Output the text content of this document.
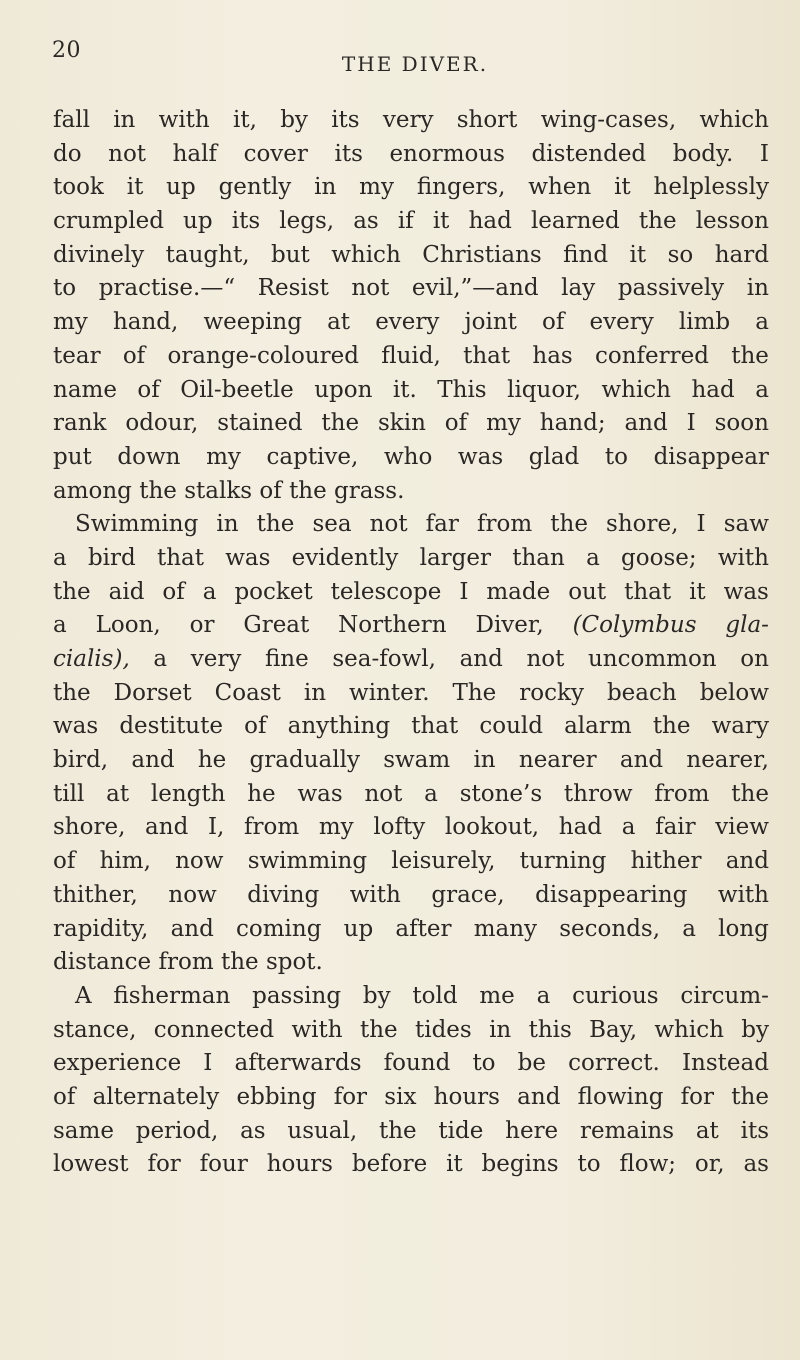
20
THE DIVER.
fall in with it, by its very short wing-cases, which
do not half cover its enormous distended body. I
took it up gently in my fingers, when it helplessly
crumpled up its legs, as if it had learned the lesson
divinely taught, but which Christians find it so hard
to practise.—“ Resist not evil,”—and lay passively in
my hand, weeping at every joint of every limb a
tear of orange-coloured fluid, that has conferred the
name of Oil-beetle upon it. This liquor, which had a
rank odour, stained the skin of my hand; and I soon
put down my captive, who was glad to disappear
among
the
stalks
of
the
grass.
Swimming in the sea not far from the shore, I saw
a bird that was evidently larger than a goose; with
the aid of a pocket telescope I made out that it was
a Loon, or Great Northern Diver, (Colymbus gla-
cialis), a very fine sea-fowl, and not uncommon on
the Dorset Coast in winter. The rocky beach below
was destitute of anything that could alarm the wary
bird, and he gradually swam in nearer and nearer,
till at length he was not a stone’s throw from the
shore, and I, from my lofty lookout, had a fair view
of him, now swimming leisurely, turning hither and
thither, now diving with grace, disappearing with
rapidity, and coming up after many seconds, a long
distance
from
the
spot.
A fisherman passing by told me a curious circum-
stance, connected with the tides in this Bay, which by
experience I afterwards found to be correct. Instead
of alternately ebbing for six hours and flowing for the
same period, as usual, the tide here remains at its
lowest for four hours before it begins to flow; or, as
